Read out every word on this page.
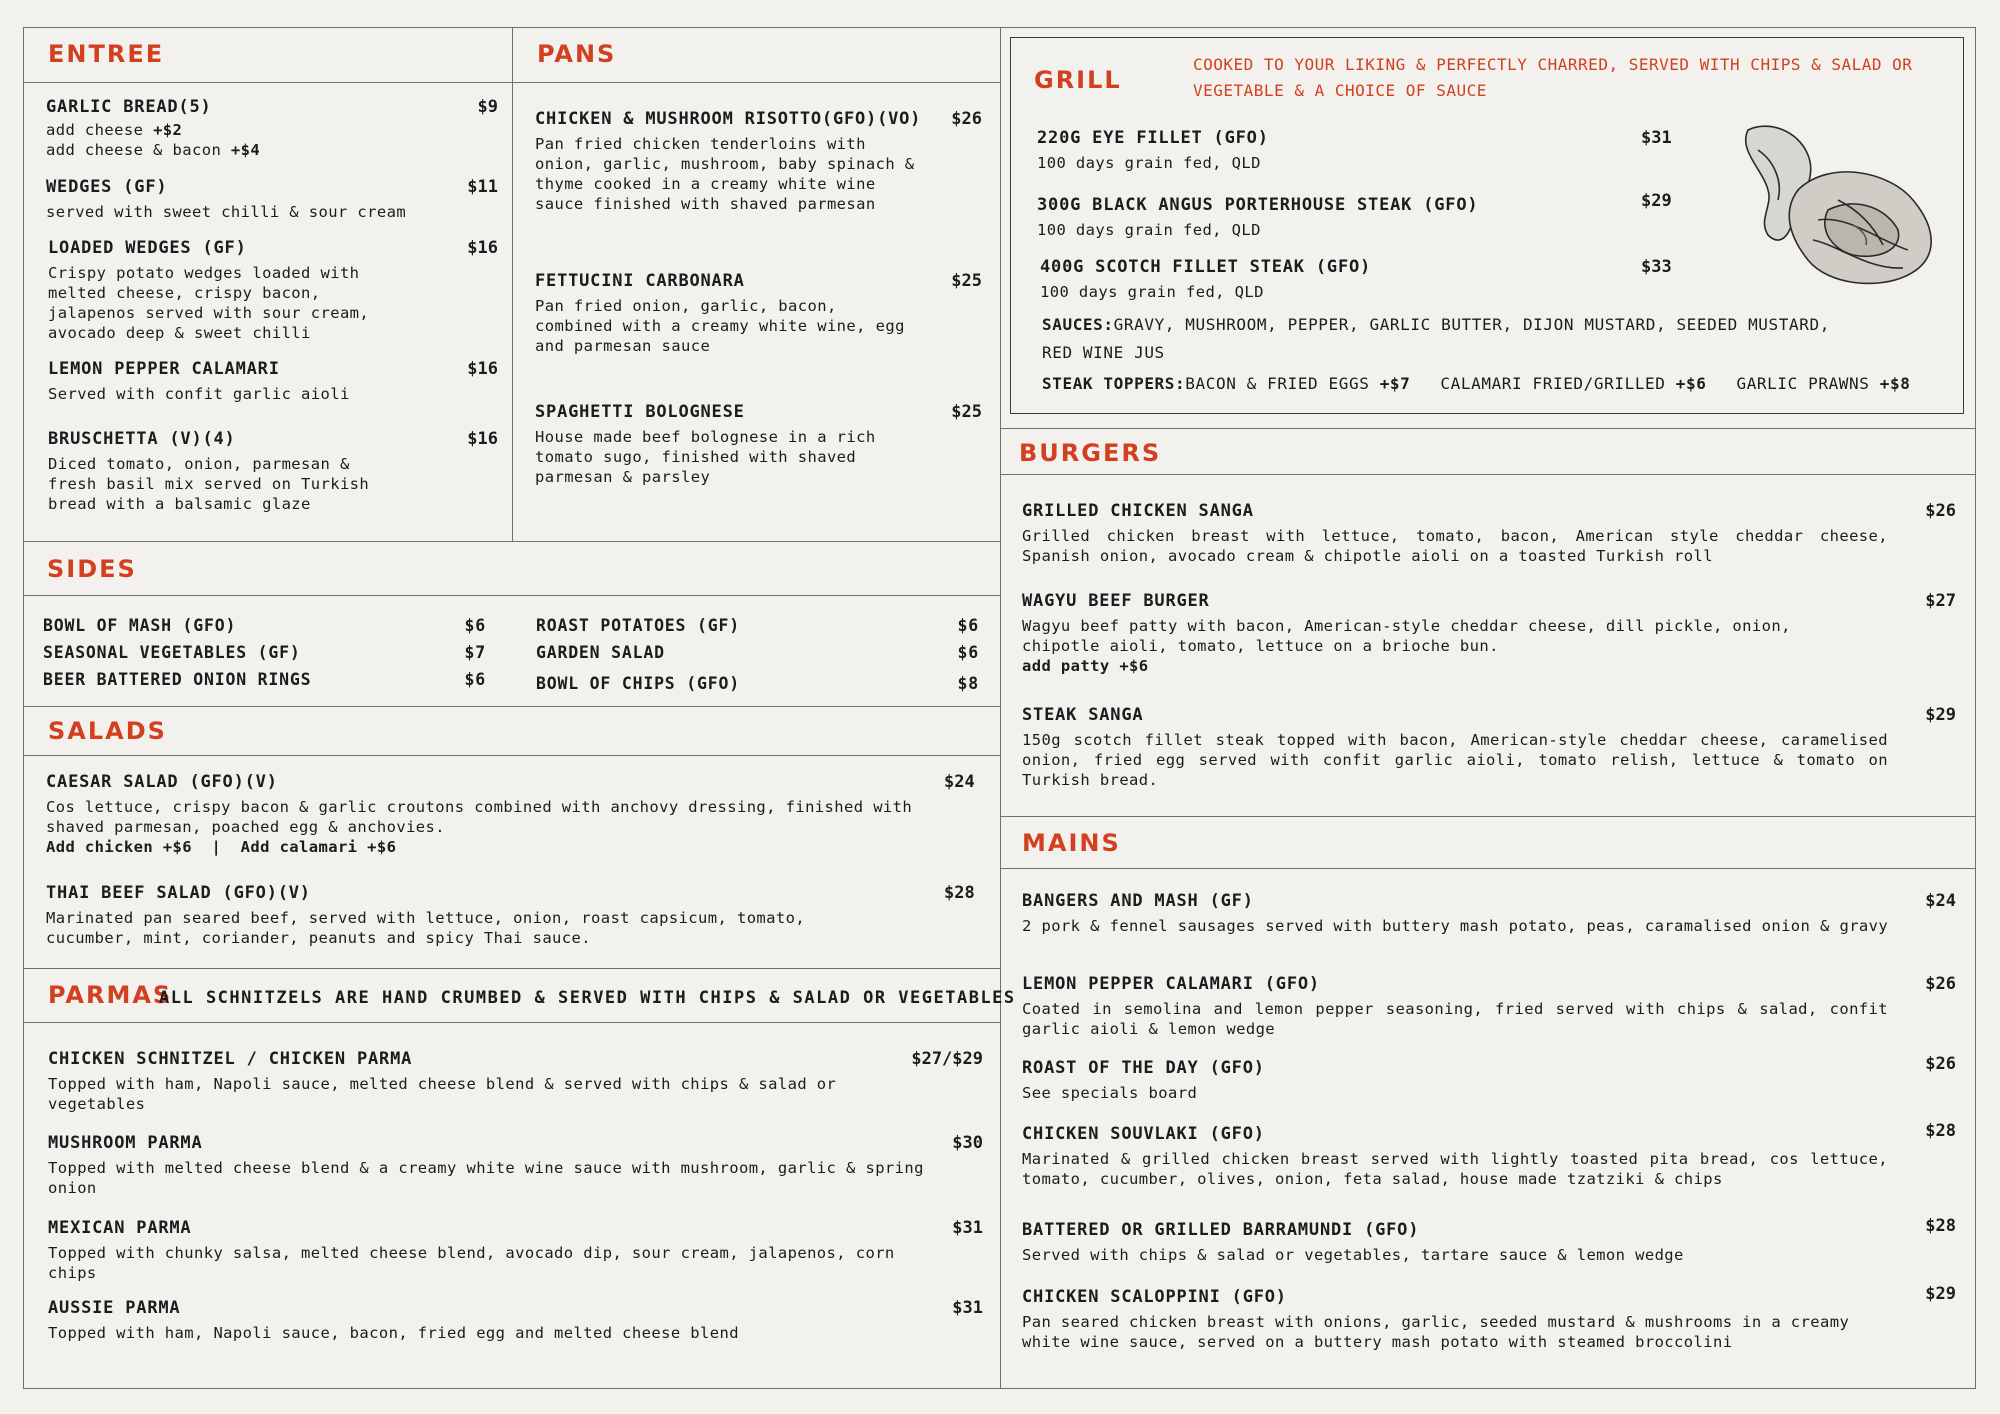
ENTREE
GARLIC BREAD(5)	$9
add cheese +$2
add cheese & bacon +$4
WEDGES (GF)	$11
served with sweet chilli & sour cream
LOADED WEDGES (GF)	$16
Crispy potato wedges loaded with melted cheese, crispy bacon, jalapenos served with sour cream, avocado deep & sweet chilli
LEMON PEPPER CALAMARI	$16
Served with confit garlic aioli
BRUSCHETTA (V)(4)	$16
Diced tomato, onion, parmesan & fresh basil mix served on Turkish bread with a balsamic glaze
PANS
CHICKEN & MUSHROOM RISOTTO(GFO)(VO)	$26
Pan fried chicken tenderloins with onion, garlic, mushroom, baby spinach & thyme cooked in a creamy white wine sauce finished with shaved parmesan
FETTUCINI CARBONARA	$25
Pan fried onion, garlic, bacon, combined with a creamy white wine, egg and parmesan sauce
SPAGHETTI BOLOGNESE	$25
House made beef bolognese in a rich tomato sugo, finished with shaved parmesan & parsley
GRILL
COOKED TO YOUR LIKING & PERFECTLY CHARRED, SERVED WITH CHIPS & SALAD OR VEGETABLE & A CHOICE OF SAUCE
220G EYE FILLET (GFO)	$31
100 days grain fed, QLD
300G BLACK ANGUS PORTERHOUSE STEAK (GFO)	$29
100 days grain fed, QLD
400G SCOTCH FILLET STEAK (GFO)	$33
100 days grain fed, QLD
SAUCES:GRAVY, MUSHROOM, PEPPER, GARLIC BUTTER, DIJON MUSTARD, SEEDED MUSTARD, RED WINE JUS
STEAK TOPPERS:BACON & FRIED EGGS +$7 CALAMARI FRIED/GRILLED +$6 GARLIC PRAWNS +$8
SIDES
BOWL OF MASH (GFO)	$6
SEASONAL VEGETABLES (GF)	$7
BEER BATTERED ONION RINGS	$6
ROAST POTATOES (GF)	$6
GARDEN SALAD	$6
BOWL OF CHIPS (GFO)	$8
SALADS
CAESAR SALAD (GFO)(V)	$24
Cos lettuce, crispy bacon & garlic croutons combined with anchovy dressing, finished with shaved parmesan, poached egg & anchovies.
Add chicken +$6  |  Add calamari +$6
THAI BEEF SALAD (GFO)(V)	$28
Marinated pan seared beef, served with lettuce, onion, roast capsicum, tomato, cucumber, mint, coriander, peanuts and spicy Thai sauce.
PARMAS
ALL SCHNITZELS ARE HAND CRUMBED & SERVED WITH CHIPS & SALAD OR VEGETABLES
CHICKEN SCHNITZEL / CHICKEN PARMA	$27/$29
Topped with ham, Napoli sauce, melted cheese blend & served with chips & salad or vegetables
MUSHROOM PARMA	$30
Topped with melted cheese blend & a creamy white wine sauce with mushroom, garlic & spring onion
MEXICAN PARMA	$31
Topped with chunky salsa, melted cheese blend, avocado dip, sour cream, jalapenos, corn chips
AUSSIE PARMA	$31
Topped with ham, Napoli sauce, bacon, fried egg and melted cheese blend
BURGERS
GRILLED CHICKEN SANGA	$26
Grilled chicken breast with lettuce, tomato, bacon, American style cheddar cheese, Spanish onion, avocado cream & chipotle aioli on a toasted Turkish roll
WAGYU BEEF BURGER	$27
Wagyu beef patty with bacon, American-style cheddar cheese, dill pickle, onion, chipotle aioli, tomato, lettuce on a brioche bun.
add patty +$6
STEAK SANGA	$29
150g scotch fillet steak topped with bacon, American-style cheddar cheese, caramelised onion, fried egg served with confit garlic aioli, tomato relish, lettuce & tomato on Turkish bread.
MAINS
BANGERS AND MASH (GF)	$24
2 pork & fennel sausages served with buttery mash potato, peas, caramalised onion & gravy
LEMON PEPPER CALAMARI (GFO)	$26
Coated in semolina and lemon pepper seasoning, fried served with chips & salad, confit garlic aioli & lemon wedge
ROAST OF THE DAY (GFO)	$26
See specials board
CHICKEN SOUVLAKI (GFO)	$28
Marinated & grilled chicken breast served with lightly toasted pita bread, cos lettuce, tomato, cucumber, olives, onion, feta salad, house made tzatziki & chips
BATTERED OR GRILLED BARRAMUNDI (GFO)	$28
Served with chips & salad or vegetables, tartare sauce & lemon wedge
CHICKEN SCALOPPINI (GFO)	$29
Pan seared chicken breast with onions, garlic, seeded mustard & mushrooms in a creamy white wine sauce, served on a buttery mash potato with steamed broccolini
